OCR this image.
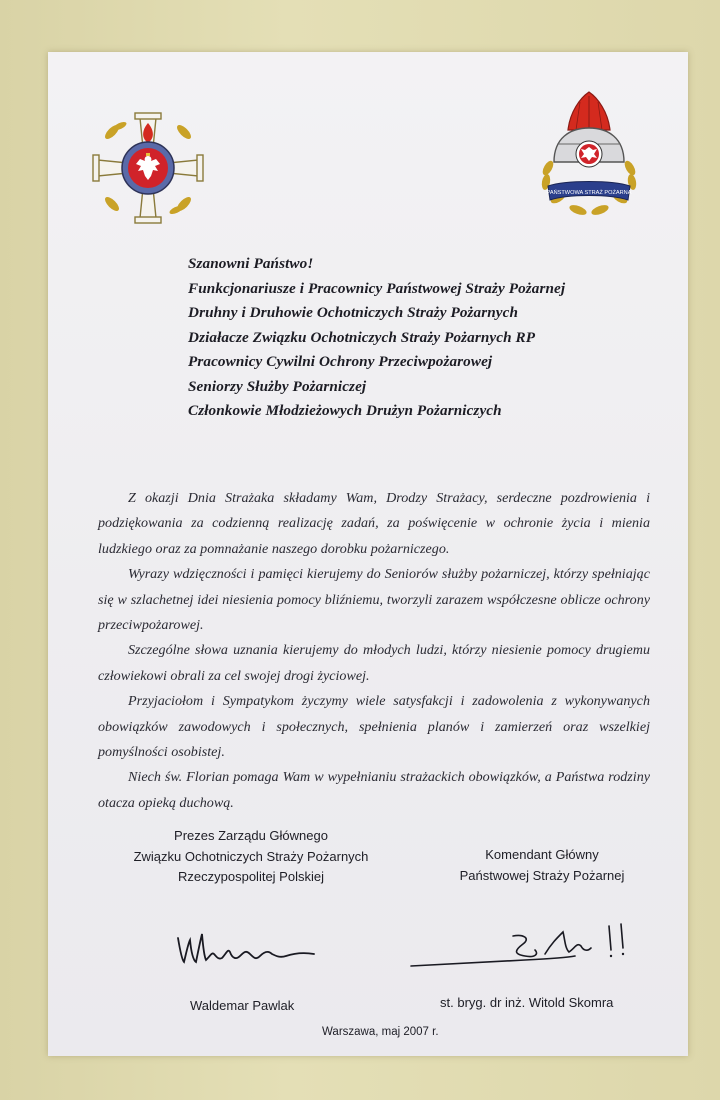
PAŃSTWOWA STRAŻ POŻARNA
Szanowni Państwo!
Funkcjonariusze i Pracownicy Państwowej Straży Pożarnej
Druhny i Druhowie Ochotniczych Straży Pożarnych
Działacze Związku Ochotniczych Straży Pożarnych RP
Pracownicy Cywilni Ochrony Przeciwpożarowej
Seniorzy Służby Pożarniczej
Członkowie Młodzieżowych Drużyn Pożarniczych

Z okazji Dnia Strażaka składamy Wam, Drodzy Strażacy, serdeczne pozdrowienia i podziękowania za codzienną realizację zadań, za poświęcenie w ochronie życia i mienia ludzkiego oraz za pomnażanie naszego dorobku pożarniczego.

Wyrazy wdzięczności i pamięci kierujemy do Seniorów służby pożarniczej, którzy spełniając się w szlachetnej idei niesienia pomocy bliźniemu, tworzyli zarazem współczesne oblicze ochrony przeciwpożarowej.

Szczególne słowa uznania kierujemy do młodych ludzi, którzy niesienie pomocy drugiemu człowiekowi obrali za cel swojej drogi życiowej.

Przyjaciołom i Sympatykom życzymy wiele satysfakcji i zadowolenia z wykonywanych obowiązków zawodowych i społecznych, spełnienia planów i zamierzeń oraz wszelkiej pomyślności osobistej.

Niech św. Florian pomaga Wam w wypełnianiu strażackich obowiązków, a Państwa rodziny otacza opieką duchową.

Prezes Zarządu Głównego
Związku Ochotniczych Straży Pożarnych
Rzeczypospolitej Polskiej
Komendant Główny
Państwowej Straży Pożarnej
Waldemar Pawlak	st. bryg. dr inż. Witold Skomra
Warszawa, maj 2007 r.
